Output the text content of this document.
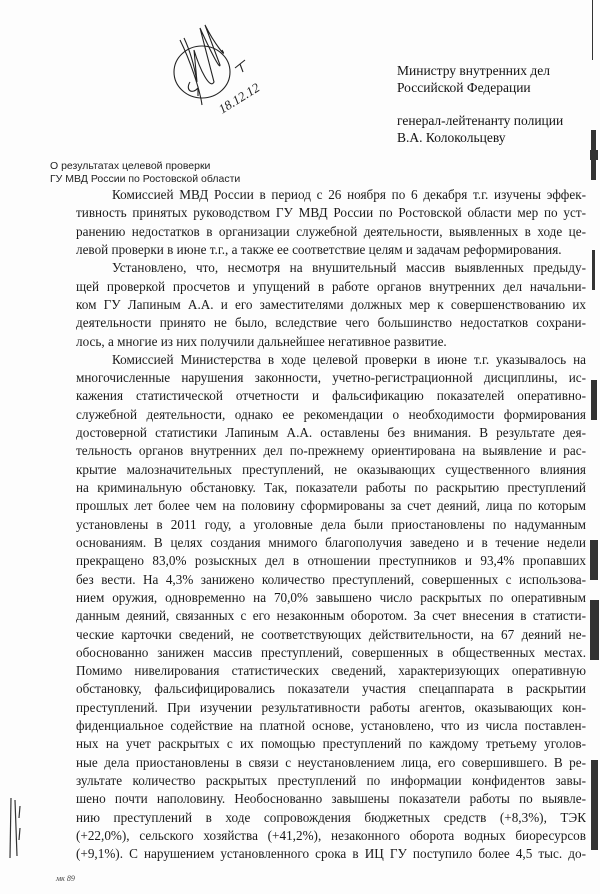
18.12.12
Министру внутренних дел
Российской Федерации
генерал-лейтенанту полиции
В.А. Колокольцеву
О результатах целевой проверки
ГУ МВД России по Ростовской области
Комиссией МВД России в период с 26 ноября по 6 декабря т.г. изучены эффек-
тивность принятых руководством ГУ МВД России по Ростовской области мер по уст-
ранению недостатков в организации служебной деятельности, выявленных в ходе це-
левой проверки в июне т.г., а также ее соответствие целям и задачам реформирования.
Установлено, что, несмотря на внушительный массив выявленных предыду-
щей проверкой просчетов и упущений в работе органов внутренних дел начальни-
ком ГУ Лапиным А.А. и его заместителями должных мер к совершенствованию их
деятельности принято не было, вследствие чего большинство недостатков сохрани-
лось, а многие из них получили дальнейшее негативное развитие.
Комиссией Министерства в ходе целевой проверки в июне т.г. указывалось на
многочисленные нарушения законности, учетно-регистрационной дисциплины, ис-
кажения статистической отчетности и фальсификацию показателей оперативно-
служебной деятельности, однако ее рекомендации о необходимости формирования
достоверной статистики Лапиным А.А. оставлены без внимания. В результате дея-
тельность органов внутренних дел по-прежнему ориентирована на выявление и рас-
крытие малозначительных преступлений, не оказывающих существенного влияния
на криминальную обстановку. Так, показатели работы по раскрытию преступлений
прошлых лет более чем на половину сформированы за счет деяний, лица по которым
установлены в 2011 году, а уголовные дела были приостановлены по надуманным
основаниям. В целях создания мнимого благополучия заведено и в течение недели
прекращено 83,0% розыскных дел в отношении преступников и 93,4% пропавших
без вести. На 4,3% занижено количество преступлений, совершенных с использова-
нием оружия, одновременно на 70,0% завышено число раскрытых по оперативным
данным деяний, связанных с его незаконным оборотом. За счет внесения в статисти-
ческие карточки сведений, не соответствующих действительности, на 67 деяний не-
обоснованно занижен массив преступлений, совершенных в общественных местах.
Помимо нивелирования статистических сведений, характеризующих оперативную
обстановку, фальсифицировались показатели участия спецаппарата в раскрытии
преступлений. При изучении результативности работы агентов, оказывающих кон-
фиденциальное содействие на платной основе, установлено, что из числа поставлен-
ных на учет раскрытых с их помощью преступлений по каждому третьему уголов-
ные дела приостановлены в связи с неустановлением лица, его совершившего. В ре-
зультате количество раскрытых преступлений по информации конфидентов завы-
шено почти наполовину. Необоснованно завышены показатели работы по выявле-
нию преступлений в ходе сопровождения бюджетных средств (+8,3%), ТЭК
(+22,0%), сельского хозяйства (+41,2%), незаконного оборота водных биоресурсов
(+9,1%). С нарушением установленного срока в ИЦ ГУ поступило более 4,5 тыс. до-
мк 89
